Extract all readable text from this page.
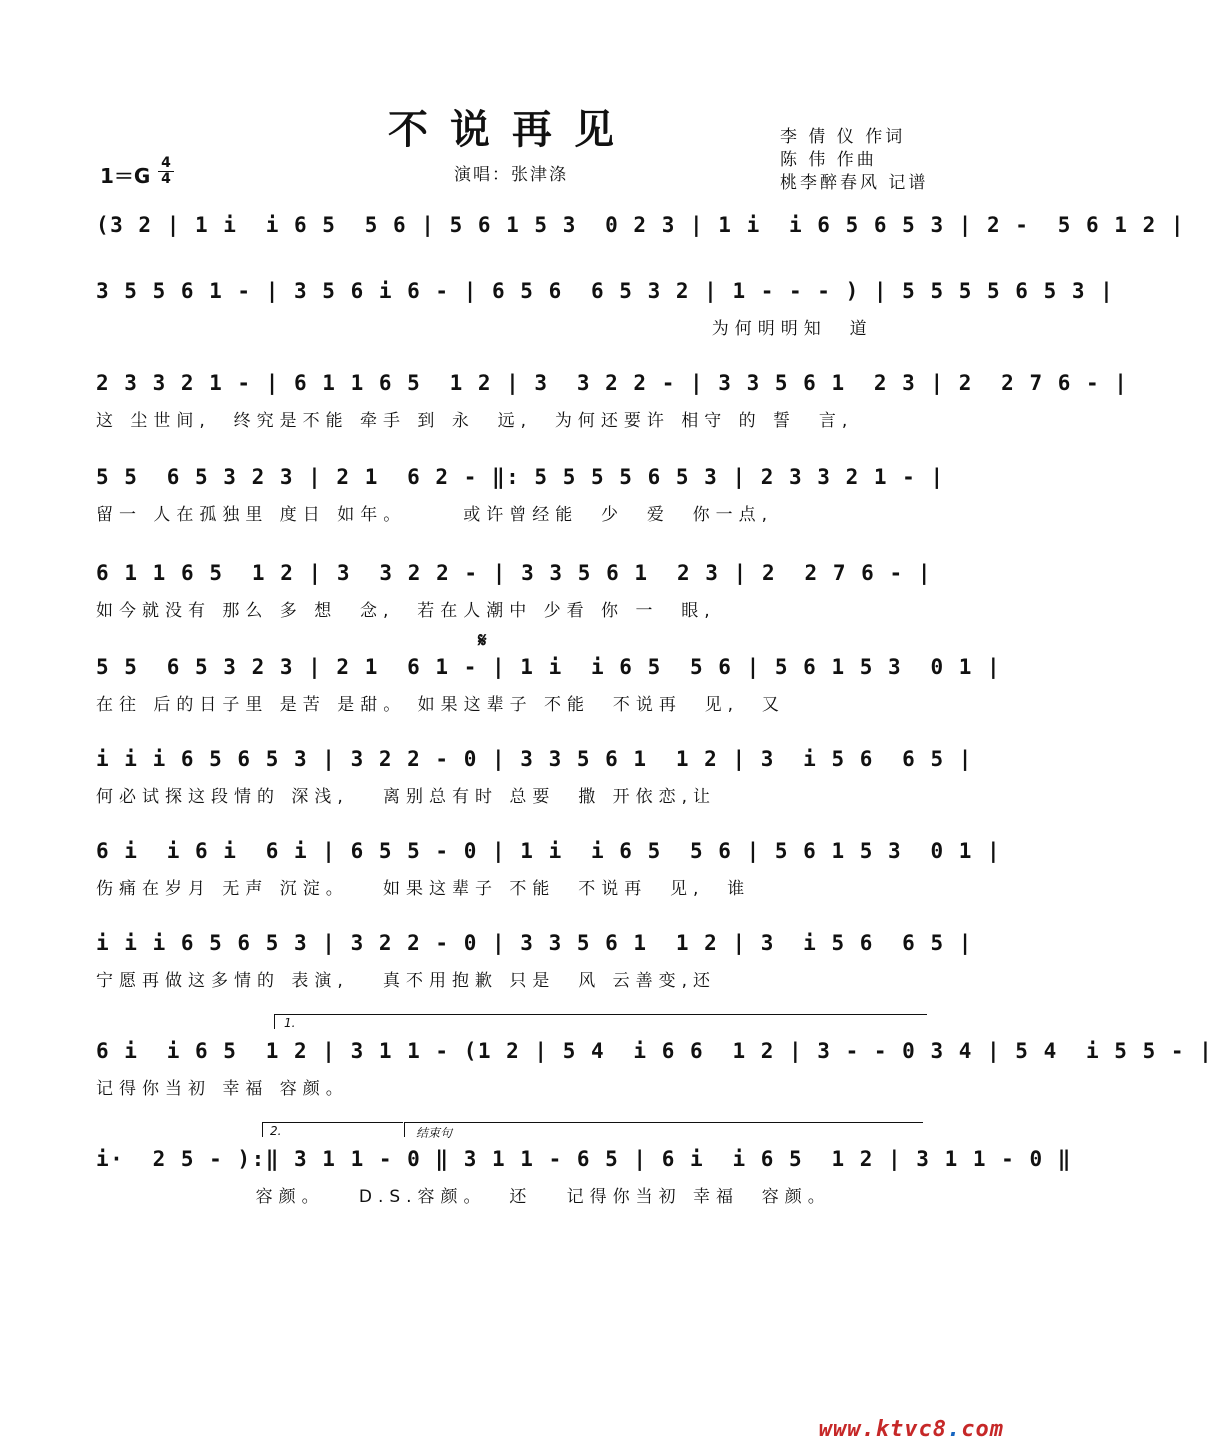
不说再见	李 倩 仪 作词
陈 伟 作曲
桃李醉春风 记谱
1＝G
4
4	演唱：张津涤
𝄋
(3 2 | 1 i  i 6 5  5 6 | 5 6 1 5 3  0 2 3 | 1 i  i 6 5 6 5 3 | 2 -  5 6 1 2 |
3 5 5 6 1 - | 3 5 6 i 6 - | 6 5 6  6 5 3 2 | 1 - - - ) | 5 5 5 5 6 5 3 |
为何明明知  道
2 3 3 2 1 - | 6 1 1 6 5  1 2 | 3  3 2 2 - | 3 3 5 6 1  2 3 | 2  2 7 6 - |
这 尘世间,  终究是不能 牵手 到 永  远,  为何还要许 相守 的 誓  言,
5 5  6 5 3 2 3 | 2 1  6 2 - ‖: 5 5 5 5 6 5 3 | 2 3 3 2 1 - |
留一 人在孤独里 度日 如年。     或许曾经能  少  爱  你一点,
6 1 1 6 5  1 2 | 3  3 2 2 - | 3 3 5 6 1  2 3 | 2  2 7 6 - |
如今就没有 那么 多 想  念,  若在人潮中 少看 你 一  眼,
5 5  6 5 3 2 3 | 2 1  6 1 - | 1 i  i 6 5  5 6 | 5 6 1 5 3  0 1 |
在往 后的日子里 是苦 是甜。 如果这辈子 不能  不说再  见,  又
i i i 6 5 6 5 3 | 3 2 2 - 0 | 3 3 5 6 1  1 2 | 3  i 5 6  6 5 |
何必试探这段情的 深浅,   离别总有时 总要  撒 开依恋,让
6 i  i 6 i  6 i | 6 5 5 - 0 | 1 i  i 6 5  5 6 | 5 6 1 5 3  0 1 |
伤痛在岁月 无声 沉淀。   如果这辈子 不能  不说再  见,  谁
i i i 6 5 6 5 3 | 3 2 2 - 0 | 3 3 5 6 1  1 2 | 3  i 5 6  6 5 |
宁愿再做这多情的 表演,   真不用抱歉 只是  风 云善变,还
1.
6 i  i 6 5  1 2 | 3 1 1 - (1 2 | 5 4  i 6 6  1 2 | 3 - - 0 3 4 | 5 4  i 5 5 - |
记得你当初 幸福 容颜。
2.	结束句
i·  2 5 - ):‖ 3 1 1 - 0 ‖ 3 1 1 - 6 5 | 6 i  i 6 5  1 2 | 3 1 1 - 0 ‖
容颜。   D.S.容颜。  还   记得你当初 幸福  容颜。
www.ktvc8.com
